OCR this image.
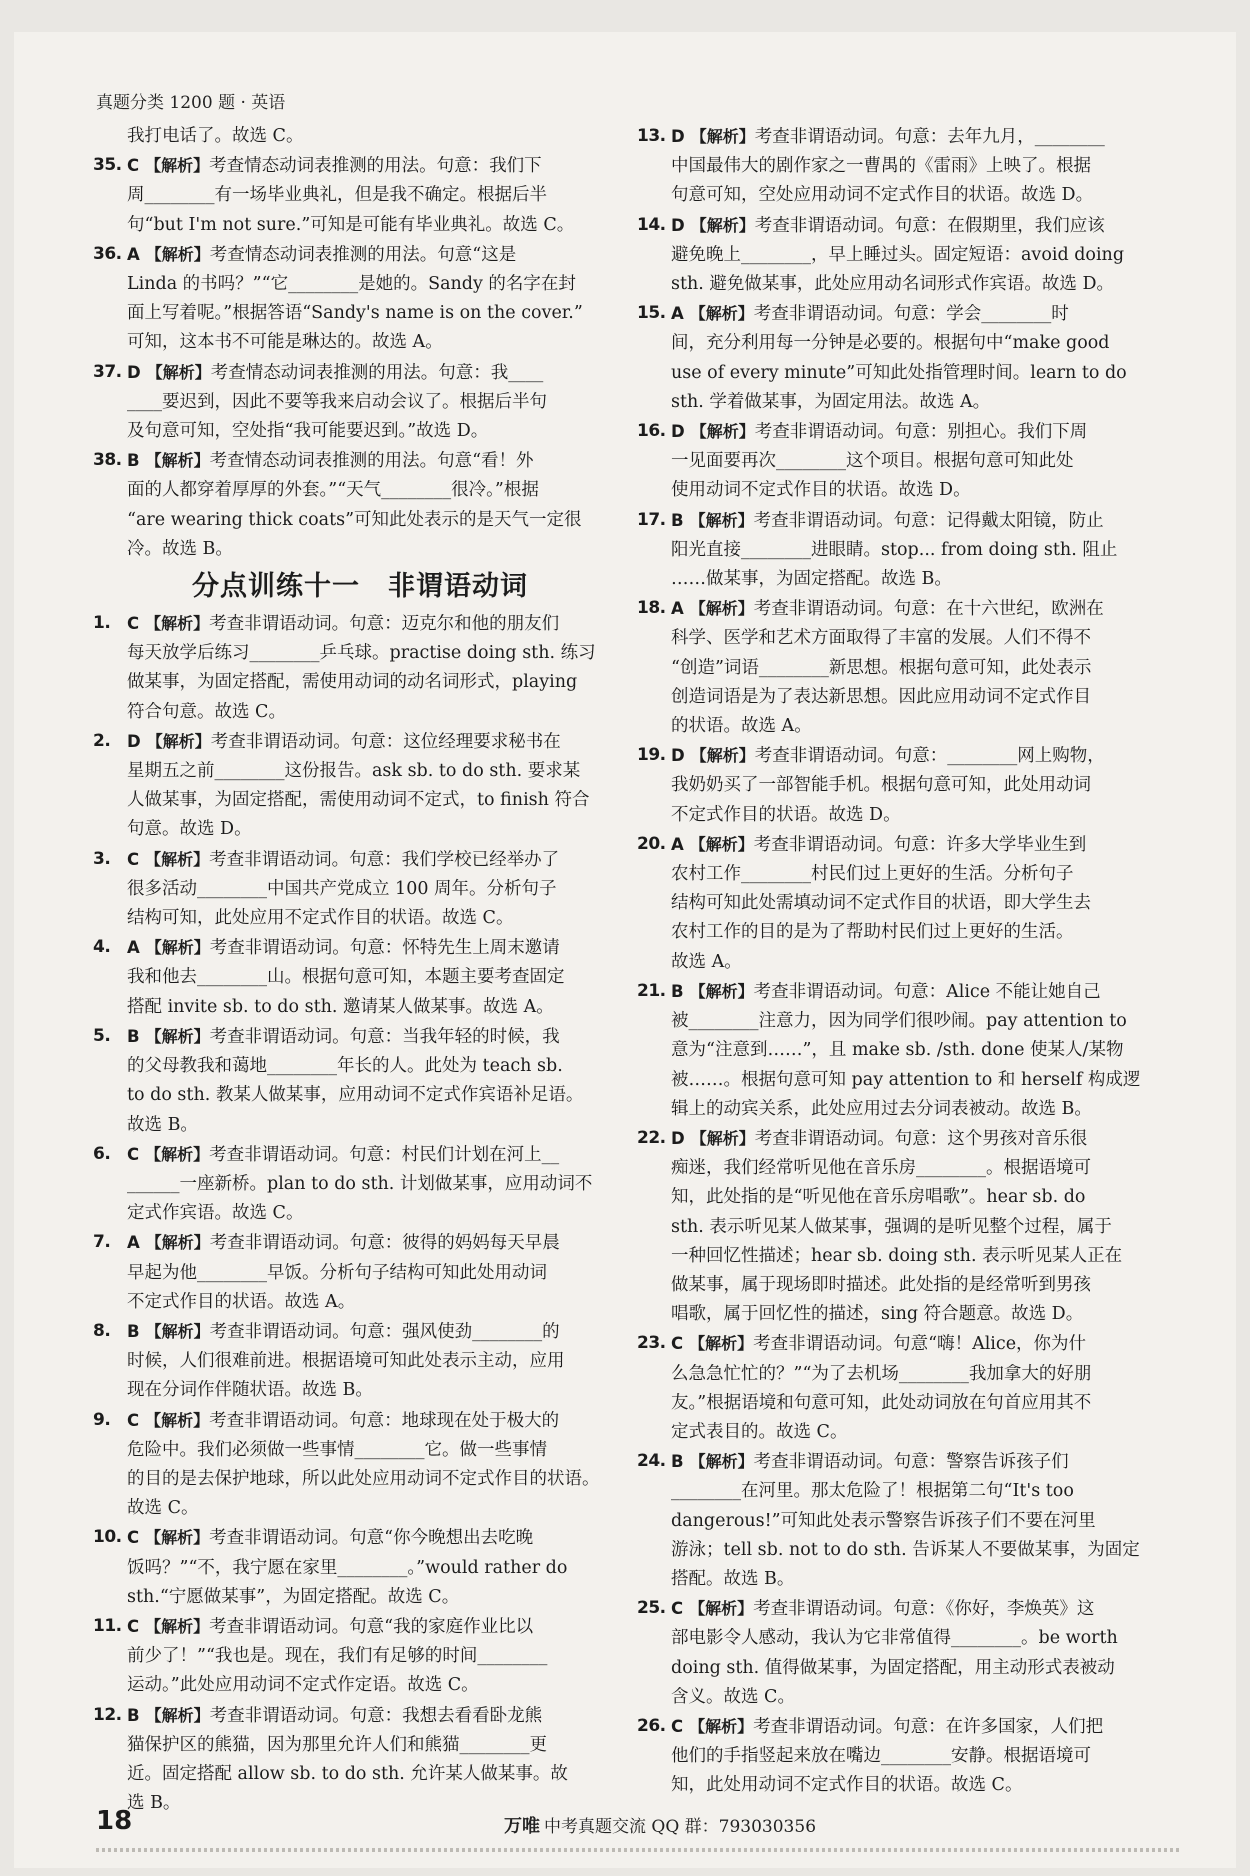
真题分类 1200 题 · 英语
我打电话了。故选 C。
35. C 【解析】考查情态动词表推测的用法。句意：我们下
周________有一场毕业典礼，但是我不确定。根据后半
句“but I'm not sure.”可知是可能有毕业典礼。故选 C。
36. A 【解析】考查情态动词表推测的用法。句意“这是
Linda 的书吗？”“它________是她的。Sandy 的名字在封
面上写着呢。”根据答语“Sandy's name is on the cover.”
可知，这本书不可能是琳达的。故选 A。
37. D 【解析】考查情态动词表推测的用法。句意：我____
____要迟到，因此不要等我来启动会议了。根据后半句
及句意可知，空处指“我可能要迟到。”故选 D。
38. B 【解析】考查情态动词表推测的用法。句意“看！外
面的人都穿着厚厚的外套。”“天气________很冷。”根据
“are wearing thick coats”可知此处表示的是天气一定很
冷。故选 B。
分点训练十一　非谓语动词
1. C 【解析】考查非谓语动词。句意：迈克尔和他的朋友们
每天放学后练习________乒乓球。practise doing sth. 练习
做某事，为固定搭配，需使用动词的动名词形式，playing
符合句意。故选 C。
2. D 【解析】考查非谓语动词。句意：这位经理要求秘书在
星期五之前________这份报告。ask sb. to do sth. 要求某
人做某事，为固定搭配，需使用动词不定式，to finish 符合
句意。故选 D。
3. C 【解析】考查非谓语动词。句意：我们学校已经举办了
很多活动________中国共产党成立 100 周年。分析句子
结构可知，此处应用不定式作目的状语。故选 C。
4. A 【解析】考查非谓语动词。句意：怀特先生上周末邀请
我和他去________山。根据句意可知，本题主要考查固定
搭配 invite sb. to do sth. 邀请某人做某事。故选 A。
5. B 【解析】考查非谓语动词。句意：当我年轻的时候，我
的父母教我和蔼地________年长的人。此处为 teach sb.
to do sth. 教某人做某事，应用动词不定式作宾语补足语。
故选 B。
6. C 【解析】考查非谓语动词。句意：村民们计划在河上__
______一座新桥。plan to do sth. 计划做某事，应用动词不
定式作宾语。故选 C。
7. A 【解析】考查非谓语动词。句意：彼得的妈妈每天早晨
早起为他________早饭。分析句子结构可知此处用动词
不定式作目的状语。故选 A。
8. B 【解析】考查非谓语动词。句意：强风使劲________的
时候，人们很难前进。根据语境可知此处表示主动，应用
现在分词作伴随状语。故选 B。
9. C 【解析】考查非谓语动词。句意：地球现在处于极大的
危险中。我们必须做一些事情________它。做一些事情
的目的是去保护地球，所以此处应用动词不定式作目的状语。
故选 C。
10. C 【解析】考查非谓语动词。句意“你今晚想出去吃晚
饭吗？”“不，我宁愿在家里________。”would rather do
sth.“宁愿做某事”，为固定搭配。故选 C。
11. C 【解析】考查非谓语动词。句意“我的家庭作业比以
前少了！”“我也是。现在，我们有足够的时间________
运动。”此处应用动词不定式作定语。故选 C。
12. B 【解析】考查非谓语动词。句意：我想去看看卧龙熊
猫保护区的熊猫，因为那里允许人们和熊猫________更
近。固定搭配 allow sb. to do sth. 允许某人做某事。故
选 B。
13. D 【解析】考查非谓语动词。句意：去年九月，________
中国最伟大的剧作家之一曹禺的《雷雨》上映了。根据
句意可知，空处应用动词不定式作目的状语。故选 D。
14. D 【解析】考查非谓语动词。句意：在假期里，我们应该
避免晚上________，早上睡过头。固定短语：avoid doing
sth. 避免做某事，此处应用动名词形式作宾语。故选 D。
15. A 【解析】考查非谓语动词。句意：学会________时
间，充分利用每一分钟是必要的。根据句中“make good
use of every minute”可知此处指管理时间。learn to do
sth. 学着做某事，为固定用法。故选 A。
16. D 【解析】考查非谓语动词。句意：别担心。我们下周
一见面要再次________这个项目。根据句意可知此处
使用动词不定式作目的状语。故选 D。
17. B 【解析】考查非谓语动词。句意：记得戴太阳镜，防止
阳光直接________进眼睛。stop... from doing sth. 阻止
……做某事，为固定搭配。故选 B。
18. A 【解析】考查非谓语动词。句意：在十六世纪，欧洲在
科学、医学和艺术方面取得了丰富的发展。人们不得不
“创造”词语________新思想。根据句意可知，此处表示
创造词语是为了表达新思想。因此应用动词不定式作目
的状语。故选 A。
19. D 【解析】考查非谓语动词。句意：________网上购物，
我奶奶买了一部智能手机。根据句意可知，此处用动词
不定式作目的状语。故选 D。
20. A 【解析】考查非谓语动词。句意：许多大学毕业生到
农村工作________村民们过上更好的生活。分析句子
结构可知此处需填动词不定式作目的状语，即大学生去
农村工作的目的是为了帮助村民们过上更好的生活。
故选 A。
21. B 【解析】考查非谓语动词。句意：Alice 不能让她自己
被________注意力，因为同学们很吵闹。pay attention to
意为“注意到……”，且 make sb. /sth. done 使某人/某物
被……。根据句意可知 pay attention to 和 herself 构成逻
辑上的动宾关系，此处应用过去分词表被动。故选 B。
22. D 【解析】考查非谓语动词。句意：这个男孩对音乐很
痴迷，我们经常听见他在音乐房________。根据语境可
知，此处指的是“听见他在音乐房唱歌”。hear sb. do
sth. 表示听见某人做某事，强调的是听见整个过程，属于
一种回忆性描述；hear sb. doing sth. 表示听见某人正在
做某事，属于现场即时描述。此处指的是经常听到男孩
唱歌，属于回忆性的描述，sing 符合题意。故选 D。
23. C 【解析】考查非谓语动词。句意“嗨！Alice，你为什
么急急忙忙的？”“为了去机场________我加拿大的好朋
友。”根据语境和句意可知，此处动词放在句首应用其不
定式表目的。故选 C。
24. B 【解析】考查非谓语动词。句意：警察告诉孩子们
________在河里。那太危险了！根据第二句“It's too
dangerous!”可知此处表示警察告诉孩子们不要在河里
游泳；tell sb. not to do sth. 告诉某人不要做某事，为固定
搭配。故选 B。
25. C 【解析】考查非谓语动词。句意：《你好，李焕英》这
部电影令人感动，我认为它非常值得________。be worth
doing sth. 值得做某事，为固定搭配，用主动形式表被动
含义。故选 C。
26. C 【解析】考查非谓语动词。句意：在许多国家，人们把
他们的手指竖起来放在嘴边________安静。根据语境可
知，此处用动词不定式作目的状语。故选 C。
18	万唯 中考真题交流 QQ 群：793030356
